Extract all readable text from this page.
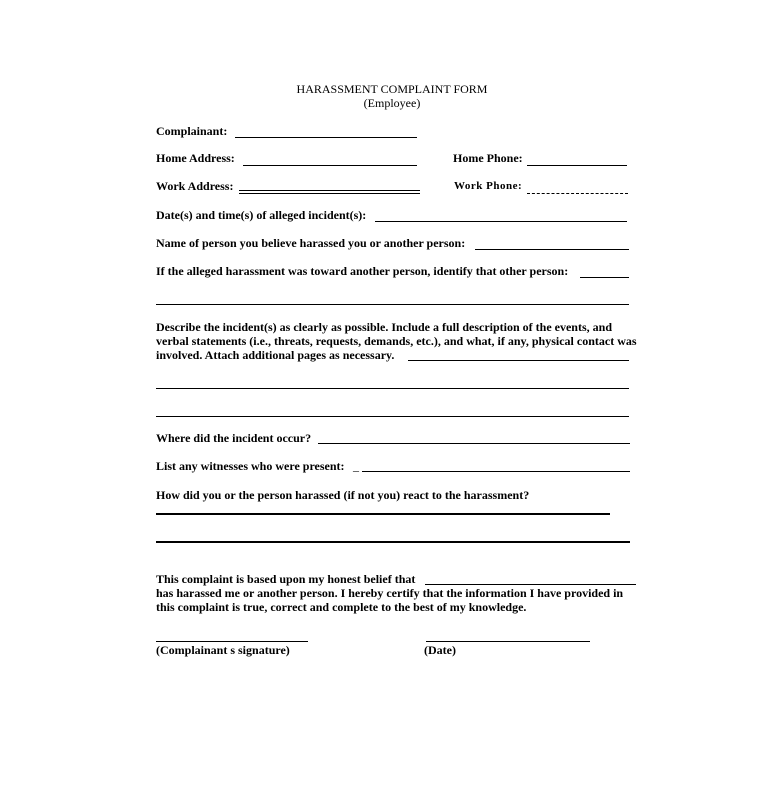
HARASSMENT COMPLAINT FORM
(Employee)
Complainant:
Home Address:	Home Phone:
Work Address:	Work Phone:
Date(s) and time(s) of alleged incident(s):
Name of person you believe harassed you or another person:
If the alleged harassment was toward another person, identify that other person:
Describe the incident(s) as clearly as possible. Include a full description of the events, and
verbal statements (i.e., threats, requests, demands, etc.), and what, if any, physical contact was
involved. Attach additional pages as necessary.
Where did the incident occur?
List any witnesses who were present: _
How did you or the person harassed (if not you) react to the harassment?
This complaint is based upon my honest belief that
has harassed me or another person. I hereby certify that the information I have provided in
this complaint is true, correct and complete to the best of my knowledge.
(Complainant s signature)	(Date)
